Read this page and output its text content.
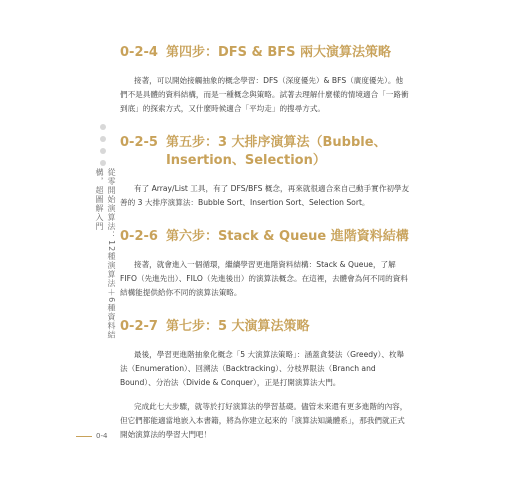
從零開始演算法：12種演算法＋6種資料結構，超圖解入門
0-2-4 第四步：DFS & BFS 兩大演算法策略

接著，可以開始接觸抽象的概念學習：DFS（深度優先）& BFS（廣度優先）。他們不是具體的資料結構，而是一種概念與策略。試著去理解什麼樣的情境適合「一路衝到底」的探索方式，又什麼時候適合「平均走」的搜尋方式。

0-2-5 第五步：3 大排序演算法（Bubble、Insertion、Selection）

有了 Array/List 工具，有了 DFS/BFS 概念，再來就很適合來自己動手實作初學友善的 3 大排序演算法：Bubble Sort、Insertion Sort、Selection Sort。

0-2-6 第六步：Stack & Queue 進階資料結構

接著，就會進入一個循環，繼續學習更進階資料結構：Stack & Queue，了解 FIFO（先進先出）、FILO（先進後出）的演算法概念。在這裡，去體會為何不同的資料結構能提供給你不同的演算法策略。

0-2-7 第七步：5 大演算法策略

最後，學習更進階抽象化概念「5 大演算法策略」：涵蓋貪婪法（Greedy）、枚舉法（Enumeration）、回溯法（Backtracking）、分枝界限法（Branch and Bound）、分治法（Divide & Conquer），正是打開演算法大門。

完成此七大步驟，就等於打好演算法的學習基礎。儘管未來還有更多進階的內容，但它們都能適當地嵌入本書籍，將為你建立起來的「演算法知識體系」，那我們就正式開始演算法的學習大門吧！

0-4
